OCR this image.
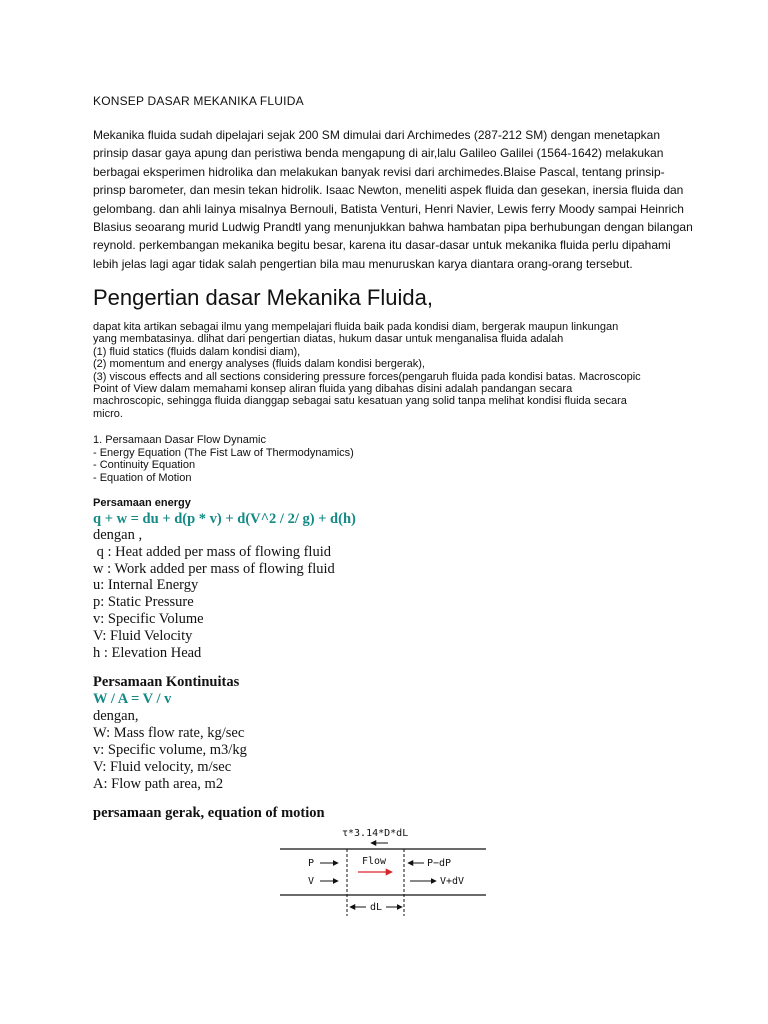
KONSEP DASAR MEKANIKA FLUIDA
Mekanika fluida sudah dipelajari sejak 200 SM dimulai dari Archimedes (287-212 SM) dengan menetapkan
prinsip dasar gaya apung dan peristiwa benda mengapung di air,lalu Galileo Galilei (1564-1642) melakukan
berbagai eksperimen hidrolika dan melakukan banyak revisi dari archimedes.Blaise Pascal, tentang prinsip-
prinsp barometer, dan mesin tekan hidrolik. Isaac Newton, meneliti aspek fluida dan gesekan, inersia fluida dan
gelombang. dan ahli lainya misalnya Bernouli, Batista Venturi, Henri Navier, Lewis ferry Moody sampai Heinrich
Blasius seoarang murid Ludwig Prandtl yang menunjukkan bahwa hambatan pipa berhubungan dengan bilangan
reynold. perkembangan mekanika begitu besar, karena itu dasar-dasar untuk mekanika fluida perlu dipahami
lebih jelas lagi agar tidak salah pengertian bila mau menuruskan karya diantara orang-orang tersebut.
Pengertian dasar Mekanika Fluida,
dapat kita artikan sebagai ilmu yang mempelajari fluida baik pada kondisi diam, bergerak maupun linkungan
yang membatasinya. dlihat dari pengertian diatas, hukum dasar untuk menganalisa fluida adalah
(1) fluid statics (fluids dalam kondisi diam),
(2) momentum and energy analyses (fluids dalam kondisi bergerak),
(3) viscous effects and all sections considering pressure forces(pengaruh fluida pada kondisi batas. Macroscopic
Point of View dalam memahami konsep aliran fluida yang dibahas disini adalah pandangan secara
machroscopic, sehingga fluida dianggap sebagai satu kesatuan yang solid tanpa melihat kondisi fluida secara
micro.
1. Persamaan Dasar Flow Dynamic
- Energy Equation (The Fist Law of Thermodynamics)
- Continuity Equation
- Equation of Motion
Persamaan energy
q + w = du + d(p * v) + d(V^2 / 2/ g) + d(h)
dengan ,
q : Heat added per mass of flowing fluid
w : Work added per mass of flowing fluid
u: Internal Energy
p: Static Pressure
v: Specific Volume
V: Fluid Velocity
h : Elevation Head
Persamaan Kontinuitas
W / A = V / v
dengan,
W: Mass flow rate, kg/sec
v: Specific volume, m3/kg
V: Fluid velocity, m/sec
A: Flow path area, m2
persamaan gerak, equation of motion
τ*3.14*D*dL
P
V
Flow	P−dP
V+dV
dL
